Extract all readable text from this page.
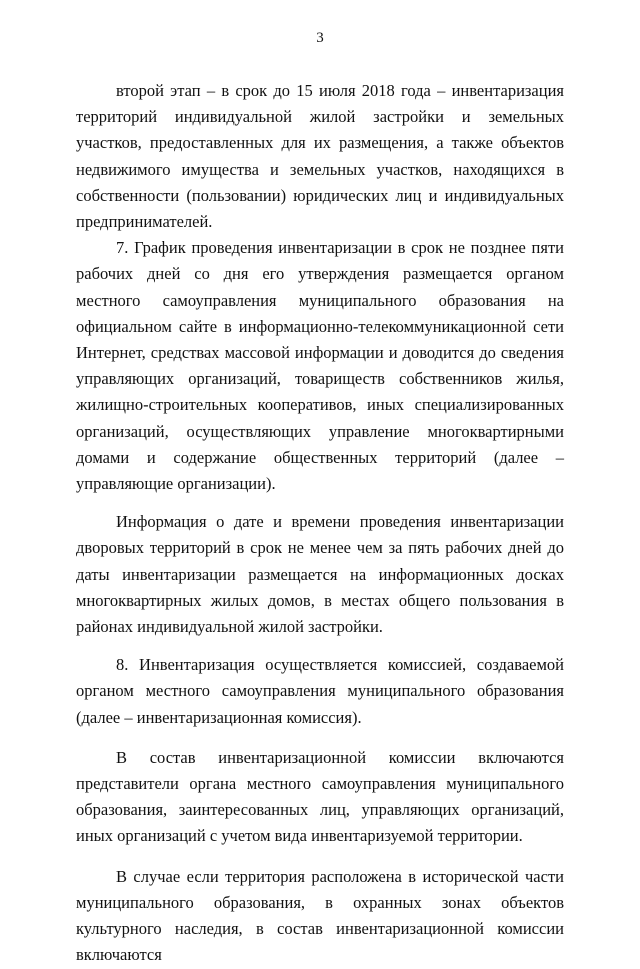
3

второй этап – в срок до 15 июля 2018 года – инвентаризация территорий индивидуальной жилой застройки и земельных участков, предоставленных для их размещения, а также объектов недвижимого имущества и земельных участков, находящихся в собственности (пользовании) юридических лиц и индивидуальных предпринимателей.

7. График проведения инвентаризации в срок не позднее пяти рабочих дней со дня его утверждения размещается органом местного самоуправления муниципального образования на официальном сайте в информационно-телекоммуникационной сети Интернет, средствах массовой информации и доводится до сведения управляющих организаций, товариществ собственников жилья, жилищно-строительных кооперативов, иных специализированных организаций, осуществляющих управление многоквартирными домами и содержание общественных территорий (далее – управляющие организации).

Информация о дате и времени проведения инвентаризации дворовых территорий в срок не менее чем за пять рабочих дней до даты инвентаризации размещается на информационных досках многоквартирных жилых домов, в местах общего пользования в районах индивидуальной жилой застройки.

8. Инвентаризация осуществляется комиссией, создаваемой органом местного самоуправления муниципального образования (далее – инвентаризационная комиссия).

В состав инвентаризационной комиссии включаются представители органа местного самоуправления муниципального образования, заинтересованных лиц, управляющих организаций, иных организаций с учетом вида инвентаризуемой территории.

В случае если территория расположена в исторической части муниципального образования, в охранных зонах объектов культурного наследия, в состав инвентаризационной комиссии включаются
